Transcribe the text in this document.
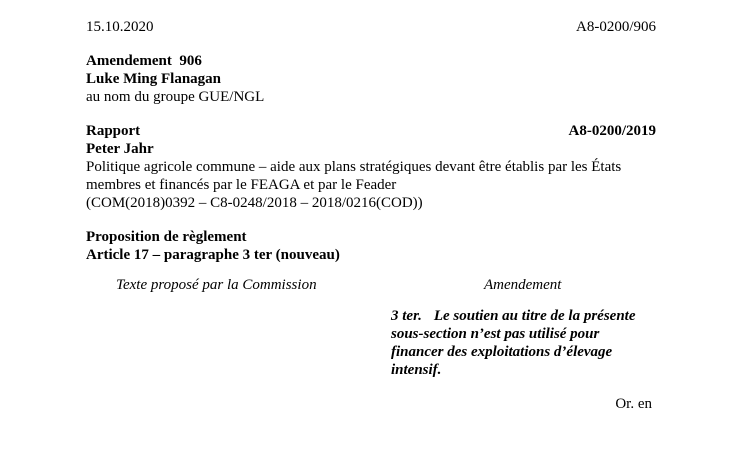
15.10.2020	A8-0200/906
Amendement  906
Luke Ming Flanagan
au nom du groupe GUE/NGL
Rapport	A8-0200/2019
Peter Jahr
Politique agricole commune – aide aux plans stratégiques devant être établis par les États
membres et financés par le FEAGA et par le Feader
(COM(2018)0392 – C8-0248/2018 – 2018/0216(COD))
Proposition de règlement
Article 17 – paragraphe 3 ter (nouveau)
Texte proposé par la Commission	Amendement
3 ter. Le soutien au titre de la présente
sous-section n’est pas utilisé pour
financer des exploitations d’élevage
intensif.
Or. en
